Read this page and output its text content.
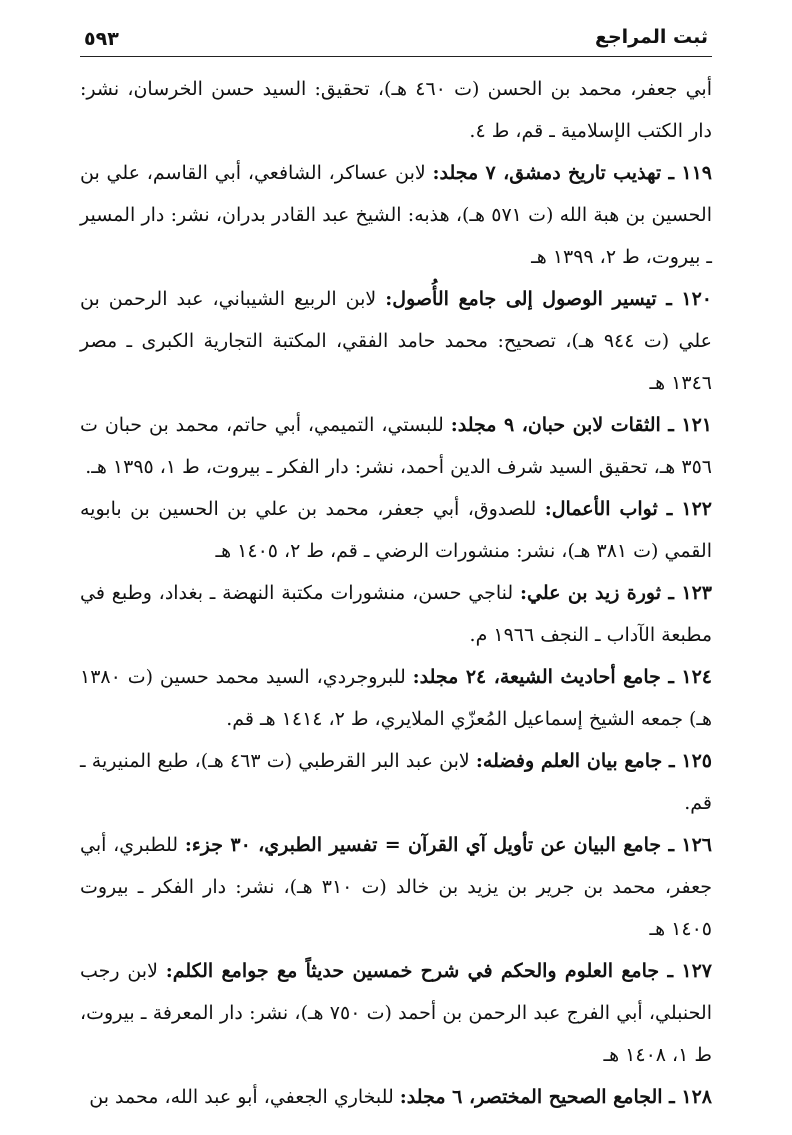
٥٩٣	ثبت المراجع

أبي جعفر، محمد بن الحسن (ت ٤٦٠ هـ)، تحقيق: السيد حسن الخرسان، نشر: دار الكتب الإسلامية ـ قم، ط ٤.

١١٩ ـ تهذيب تاريخ دمشق، ٧ مجلد: لابن عساكر، الشافعي، أبي القاسم، علي بن الحسين بن هبة الله (ت ٥٧١ هـ)، هذبه: الشيخ عبد القادر بدران، نشر: دار المسير ـ بيروت، ط ٢، ١٣٩٩ هـ

١٢٠ ـ تيسير الوصول إلى جامع الأُصول: لابن الربيع الشيباني، عبد الرحمن بن علي (ت ٩٤٤ هـ)، تصحيح: محمد حامد الفقي، المكتبة التجارية الكبرى ـ مصر ١٣٤٦ هـ

١٢١ ـ الثقات لابن حبان، ٩ مجلد: للبستي، التميمي، أبي حاتم، محمد بن حبان ت ٣٥٦ هـ، تحقيق السيد شرف الدين أحمد، نشر: دار الفكر ـ بيروت، ط ١، ١٣٩٥ هـ.

١٢٢ ـ ثواب الأعمال: للصدوق، أبي جعفر، محمد بن علي بن الحسين بن بابويه القمي (ت ٣٨١ هـ)، نشر: منشورات الرضي ـ قم، ط ٢، ١٤٠٥ هـ

١٢٣ ـ ثورة زيد بن علي: لناجي حسن، منشورات مكتبة النهضة ـ بغداد، وطبع في مطبعة الآداب ـ النجف ١٩٦٦ م.

١٢٤ ـ جامع أحاديث الشيعة، ٢٤ مجلد: للبروجردي، السيد محمد حسين (ت ١٣٨٠ هـ) جمعه الشيخ إسماعيل المُعزّي الملايري، ط ٢، ١٤١٤ هـ قم.

١٢٥ ـ جامع بيان العلم وفضله: لابن عبد البر القرطبي (ت ٤٦٣ هـ)، طبع المنيرية ـ قم.

١٢٦ ـ جامع البيان عن تأويل آي القرآن = تفسير الطبري، ٣٠ جزء: للطبري، أبي جعفر، محمد بن جرير بن يزيد بن خالد (ت ٣١٠ هـ)، نشر: دار الفكر ـ بيروت ١٤٠٥ هـ

١٢٧ ـ جامع العلوم والحكم في شرح خمسين حديثاً مع جوامع الكلم: لابن رجب الحنبلي، أبي الفرج عبد الرحمن بن أحمد (ت ٧٥٠ هـ)، نشر: دار المعرفة ـ بيروت، ط ١، ١٤٠٨ هـ

١٢٨ ـ الجامع الصحيح المختصر، ٦ مجلد: للبخاري الجعفي، أبو عبد الله، محمد بن
